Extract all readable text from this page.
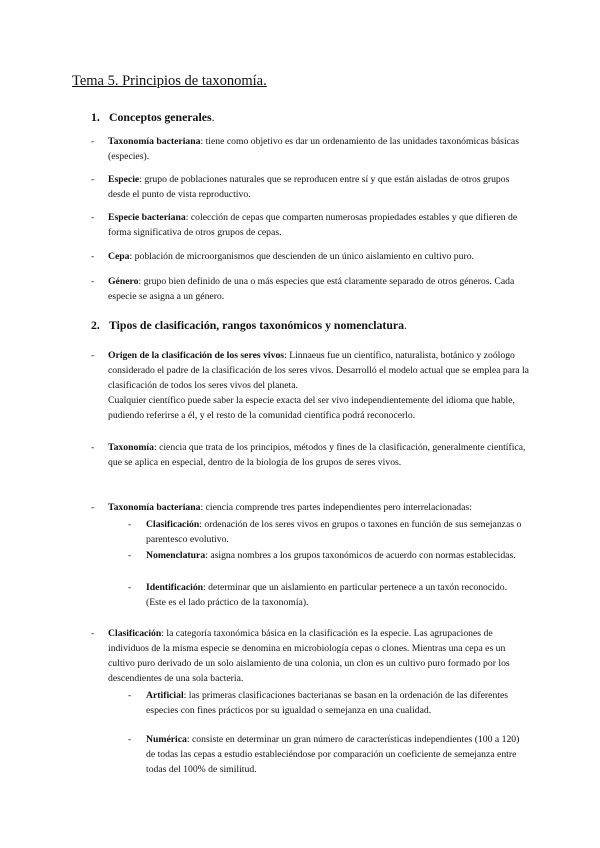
Tema 5. Principios de taxonomía.
1. Conceptos generales.
- Taxonomía bacteriana: tiene como objetivo es dar un ordenamiento de las unidades taxonómicas básicas (especies).
- Especie: grupo de poblaciones naturales que se reproducen entre sí y que están aisladas de otros grupos desde el punto de vista reproductivo.
- Especie bacteriana: colección de cepas que comparten numerosas propiedades estables y que difieren de forma significativa de otros grupos de cepas.
- Cepa: población de microorganismos que descienden de un único aislamiento en cultivo puro.
- Género: grupo bien definido de una o más especies que está claramente separado de otros géneros. Cada especie se asigna a un género.
2. Tipos de clasificación, rangos taxonómicos y nomenclatura.
- Origen de la clasificación de los seres vivos: Linnaeus fue un científico, naturalista, botánico y zoólogo considerado el padre de la clasificación de los seres vivos. Desarrolló el modelo actual que se emplea para la clasificación de todos los seres vivos del planeta.

Cualquier científico puede saber la especie exacta del ser vivo independientemente del idioma que hable, pudiendo referirse a él, y el resto de la comunidad científica podrá reconocerlo.

- Taxonomía: ciencia que trata de los principios, métodos y fines de la clasificación, generalmente científica, que se aplica en especial, dentro de la biología de los grupos de seres vivos.
- Taxonomía bacteriana: ciencia comprende tres partes independientes pero interrelacionadas:
- Clasificación: ordenación de los seres vivos en grupos o taxones en función de sus semejanzas o parentesco evolutivo.
- Nomenclatura: asigna nombres a los grupos taxonómicos de acuerdo con normas establecidas.
- Identificación: determinar que un aislamiento en particular pertenece a un taxón reconocido. (Este es el lado práctico de la taxonomía).
- Clasificación: la categoría taxonómica básica en la clasificación es la especie. Las agrupaciones de individuos de la misma especie se denomina en microbiología cepas o clones. Mientras una cepa es un cultivo puro derivado de un solo aislamiento de una colonia, un clon es un cultivo puro formado por los descendientes de una sola bacteria.
- Artificial: las primeras clasificaciones bacterianas se basan en la ordenación de las diferentes especies con fines prácticos por su igualdad o semejanza en una cualidad.
- Numérica: consiste en determinar un gran número de características independientes (100 a 120) de todas las cepas a estudio estableciéndose por comparación un coeficiente de semejanza entre todas del 100% de similitud.
